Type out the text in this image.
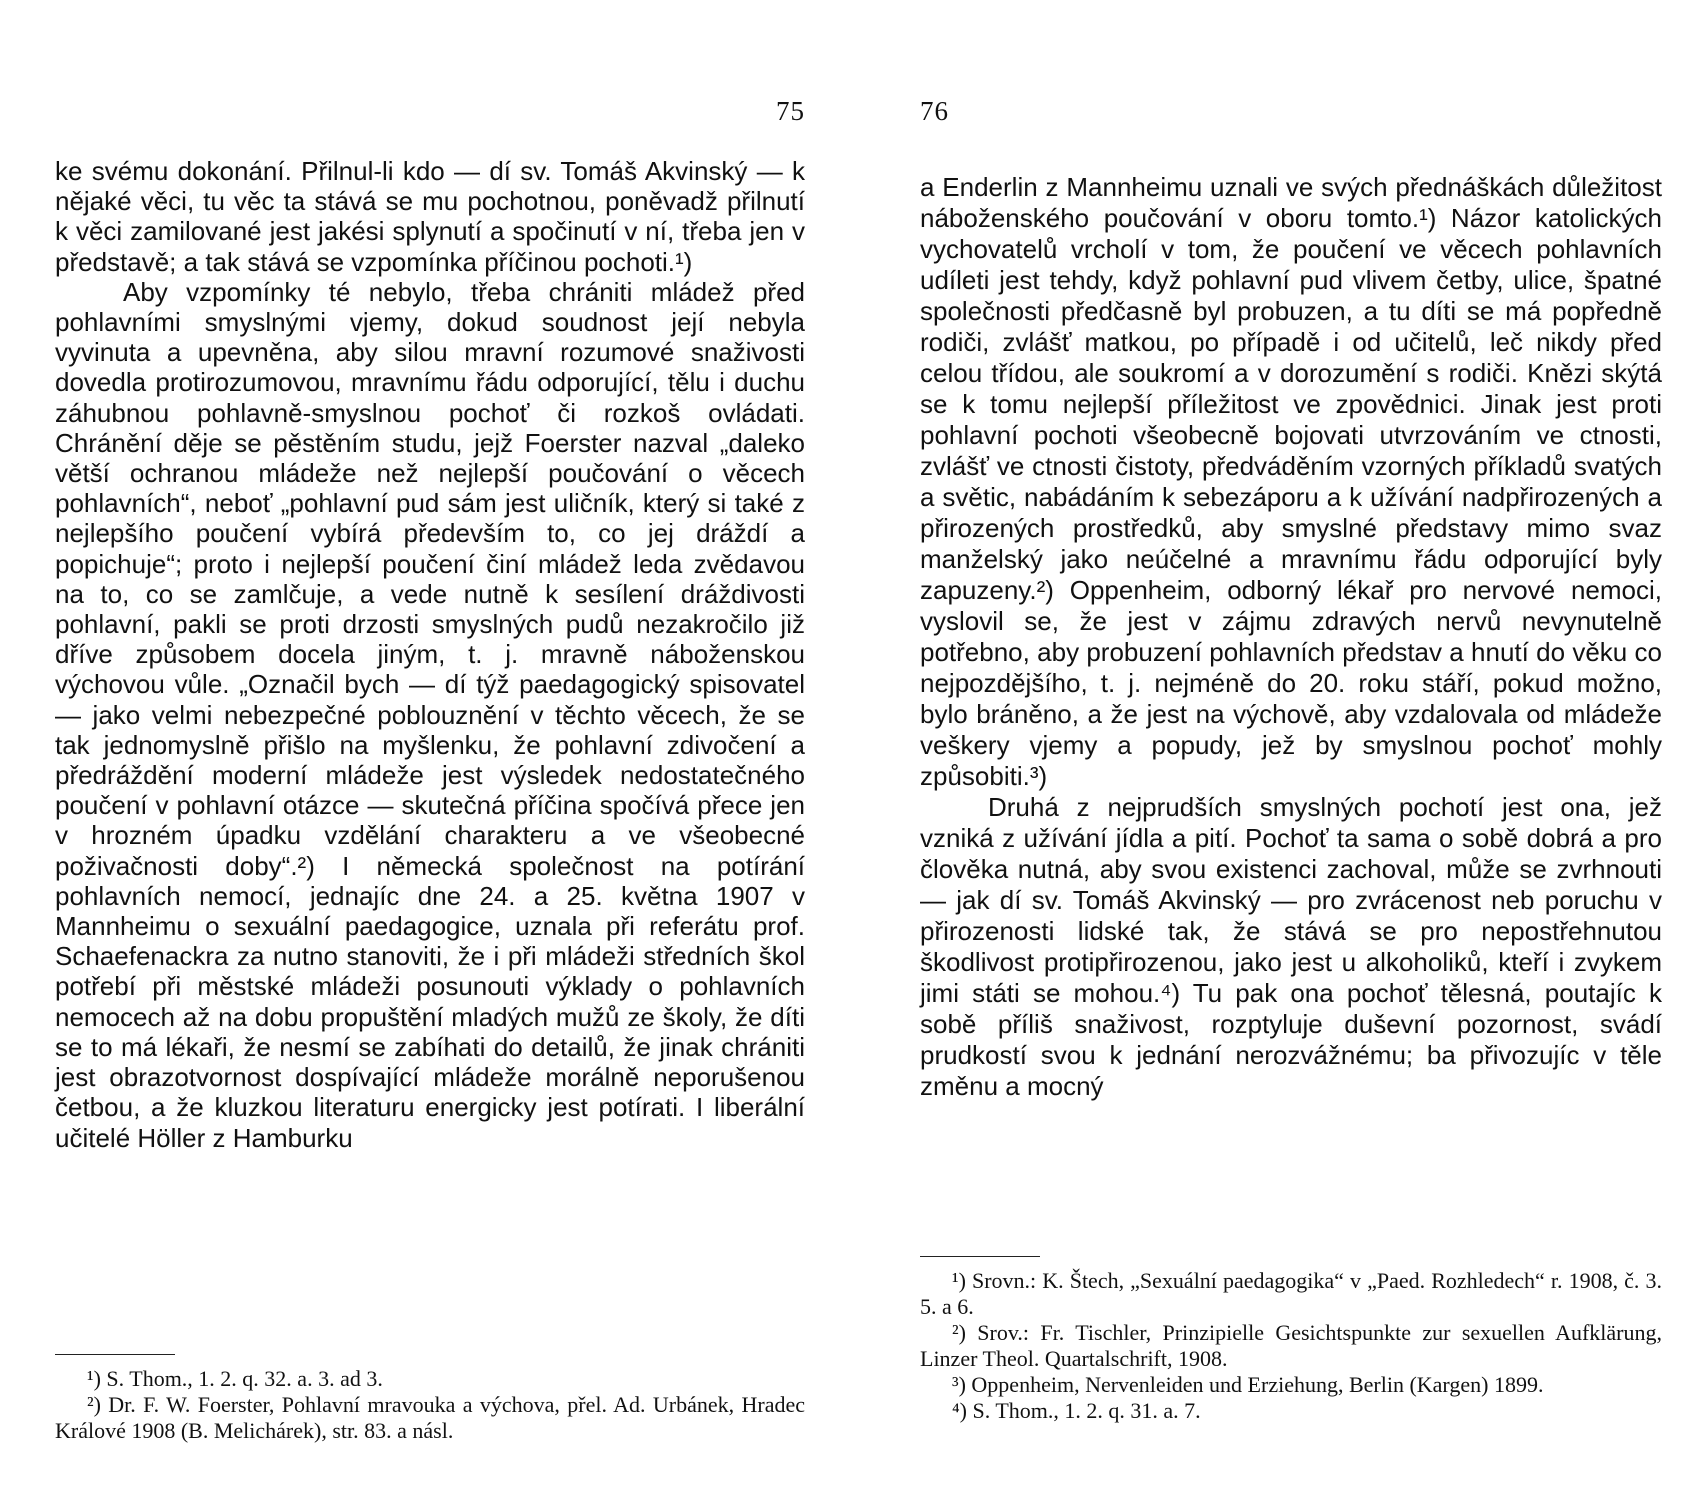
75

ke svému dokonání. Přilnul-li kdo — dí sv. Tomáš Akvinský — k nějaké věci, tu věc ta stává se mu pochotnou, poněvadž přilnutí k věci zamilované jest jakési splynutí a spočinutí v ní, třeba jen v představě; a tak stává se vzpomínka příčinou pochoti.¹)

Aby vzpomínky té nebylo, třeba chrániti mládež před pohlavními smyslnými vjemy, dokud soudnost její nebyla vyvinuta a upevněna, aby silou mravní rozumové snaživosti dovedla protirozumovou, mravnímu řádu odporující, tělu i duchu záhubnou pohlavně-smyslnou pochoť či rozkoš ovládati. Chránění děje se pěstěním studu, jejž Foerster nazval „daleko větší ochranou mládeže než nejlepší poučování o věcech pohlavních“, neboť „pohlavní pud sám jest uličník, který si také z nejlepšího poučení vybírá především to, co jej dráždí a popichuje“; proto i nejlepší poučení činí mládež leda zvědavou na to, co se zamlčuje, a vede nutně k sesílení dráždivosti pohlavní, pakli se proti drzosti smyslných pudů nezakročilo již dříve způsobem docela jiným, t. j. mravně náboženskou výchovou vůle. „Označil bych — dí týž paedagogický spisovatel — jako velmi nebezpečné poblouznění v těchto věcech, že se tak jednomyslně přišlo na myšlenku, že pohlavní zdivočení a předráždění moderní mládeže jest výsledek nedostatečného poučení v pohlavní otázce — skutečná příčina spočívá přece jen v hrozném úpadku vzdělání charakteru a ve všeobecné poživačnosti doby“.²) I německá společnost na potírání pohlavních nemocí, jednajíc dne 24. a 25. května 1907 v Mannheimu o sexuální paedagogice, uznala při referátu prof. Schaefenackra za nutno stanoviti, že i při mládeži středních škol potřebí při městské mládeži posunouti výklady o pohlavních nemocech až na dobu propuštění mladých mužů ze školy, že díti se to má lékaři, že nesmí se zabíhati do detailů, že jinak chrániti jest obrazotvornost dospívající mládeže morálně neporušenou četbou, a že kluzkou literaturu energicky jest potírati. I liberální učitelé Höller z Hamburku

¹) S. Thom., 1. 2. q. 32. a. 3. ad 3.

²) Dr. F. W. Foerster, Pohlavní mravouka a výchova, přel. Ad. Urbánek, Hradec Králové 1908 (B. Melichárek), str. 83. a násl.

76

a Enderlin z Mannheimu uznali ve svých přednáškách důležitost náboženského poučování v oboru tomto.¹) Názor katolických vychovatelů vrcholí v tom, že poučení ve věcech pohlavních udíleti jest tehdy, když pohlavní pud vlivem četby, ulice, špatné společnosti předčasně byl probuzen, a tu díti se má popředně rodiči, zvlášť matkou, po případě i od učitelů, leč nikdy před celou třídou, ale soukromí a v dorozumění s rodiči. Knězi skýtá se k tomu nejlepší příležitost ve zpovědnici. Jinak jest proti pohlavní pochoti všeobecně bojovati utvrzováním ve ctnosti, zvlášť ve ctnosti čistoty, předváděním vzorných příkladů svatých a světic, nabádáním k sebezáporu a k užívání nadpřirozených a přirozených prostředků, aby smyslné představy mimo svaz manželský jako neúčelné a mravnímu řádu odporující byly zapuzeny.²) Oppenheim, odborný lékař pro nervové nemoci, vyslovil se, že jest v zájmu zdravých nervů nevynutelně potřebno, aby probuzení pohlavních představ a hnutí do věku co nejpozdějšího, t. j. nejméně do 20. roku stáří, pokud možno, bylo bráněno, a že jest na výchově, aby vzdalovala od mládeže veškery vjemy a popudy, jež by smyslnou pochoť mohly způsobiti.³)

Druhá z nejprudších smyslných pochotí jest ona, jež vzniká z užívání jídla a pití. Pochoť ta sama o sobě dobrá a pro člověka nutná, aby svou existenci zachoval, může se zvrhnouti — jak dí sv. Tomáš Akvinský — pro zvrácenost neb poruchu v přirozenosti lidské tak, že stává se pro nepostřehnutou škodlivost protipřirozenou, jako jest u alkoholiků, kteří i zvykem jimi státi se mohou.⁴) Tu pak ona pochoť tělesná, poutajíc k sobě příliš snaživost, rozptyluje duševní pozornost, svádí prudkostí svou k jednání nerozvážnému; ba přivozujíc v těle změnu a mocný

¹) Srovn.: K. Štech, „Sexuální paedagogika“ v „Paed. Rozhledech“ r. 1908, č. 3. 5. a 6.

²) Srov.: Fr. Tischler, Prinzipielle Gesichtspunkte zur sexuellen Aufklärung, Linzer Theol. Quartalschrift, 1908.

³) Oppenheim, Nervenleiden und Erziehung, Berlin (Kargen) 1899.

⁴) S. Thom., 1. 2. q. 31. a. 7.
